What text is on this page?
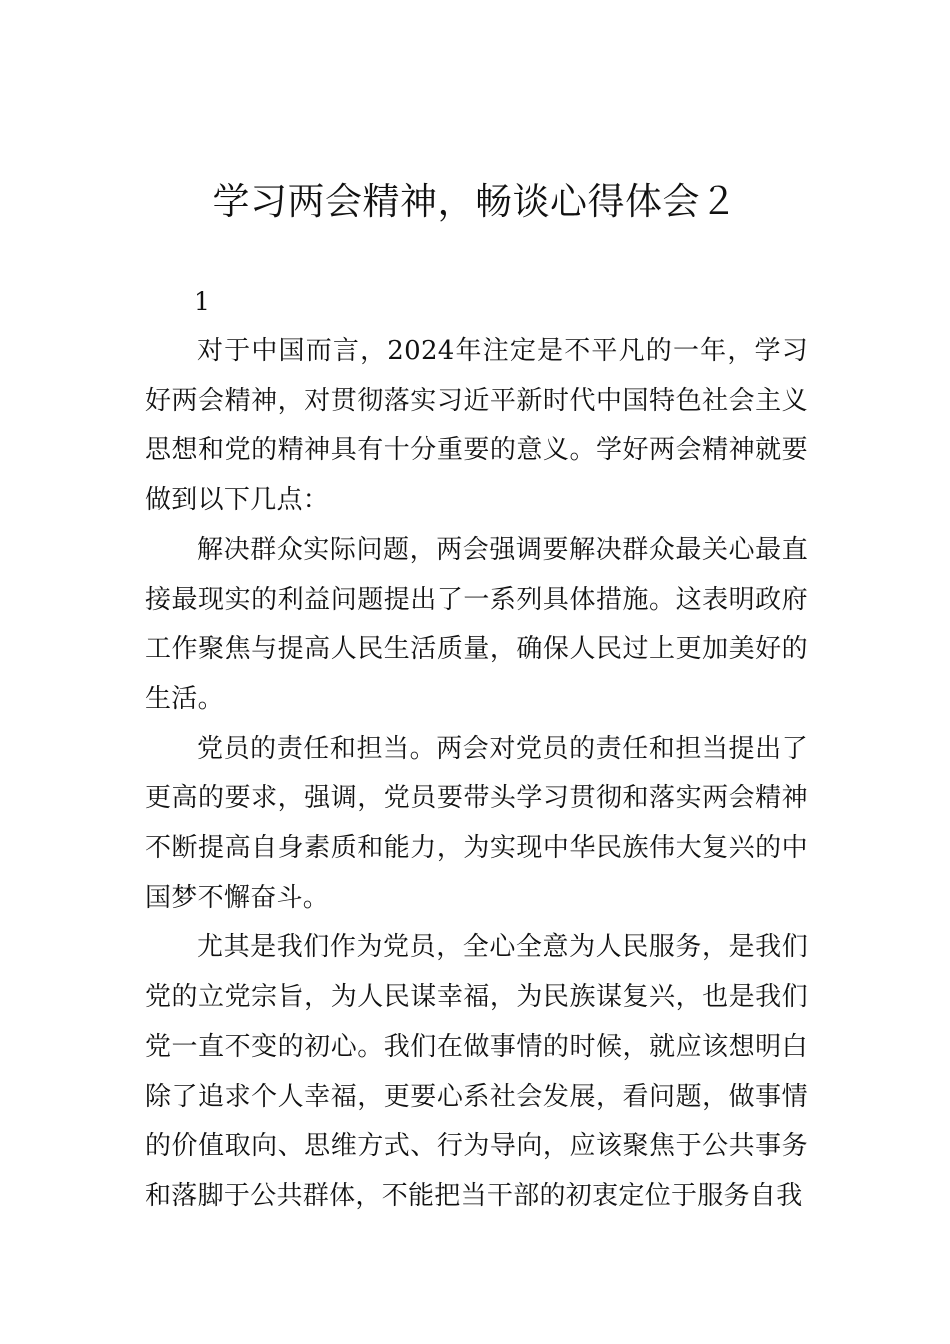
学习两会精神，畅谈心得体会２

1

对于中国而言，2024年注定是不平凡的一年，学习好两会精神，对贯彻落实习近平新时代中国特色社会主义思想和党的精神具有十分重要的意义。学好两会精神就要做到以下几点：

解决群众实际问题，两会强调要解决群众最关心最直接最现实的利益问题提出了一系列具体措施。这表明政府工作聚焦与提高人民生活质量，确保人民过上更加美好的生活。

党员的责任和担当。两会对党员的责任和担当提出了更高的要求，强调，党员要带头学习贯彻和落实两会精神不断提高自身素质和能力，为实现中华民族伟大复兴的中国梦不懈奋斗。

尤其是我们作为党员，全心全意为人民服务，是我们党的立党宗旨，为人民谋幸福，为民族谋复兴，也是我们党一直不变的初心。我们在做事情的时候，就应该想明白除了追求个人幸福，更要心系社会发展，看问题，做事情的价值取向、思维方式、行为导向，应该聚焦于公共事务和落脚于公共群体，不能把当干部的初衷定位于服务自我
